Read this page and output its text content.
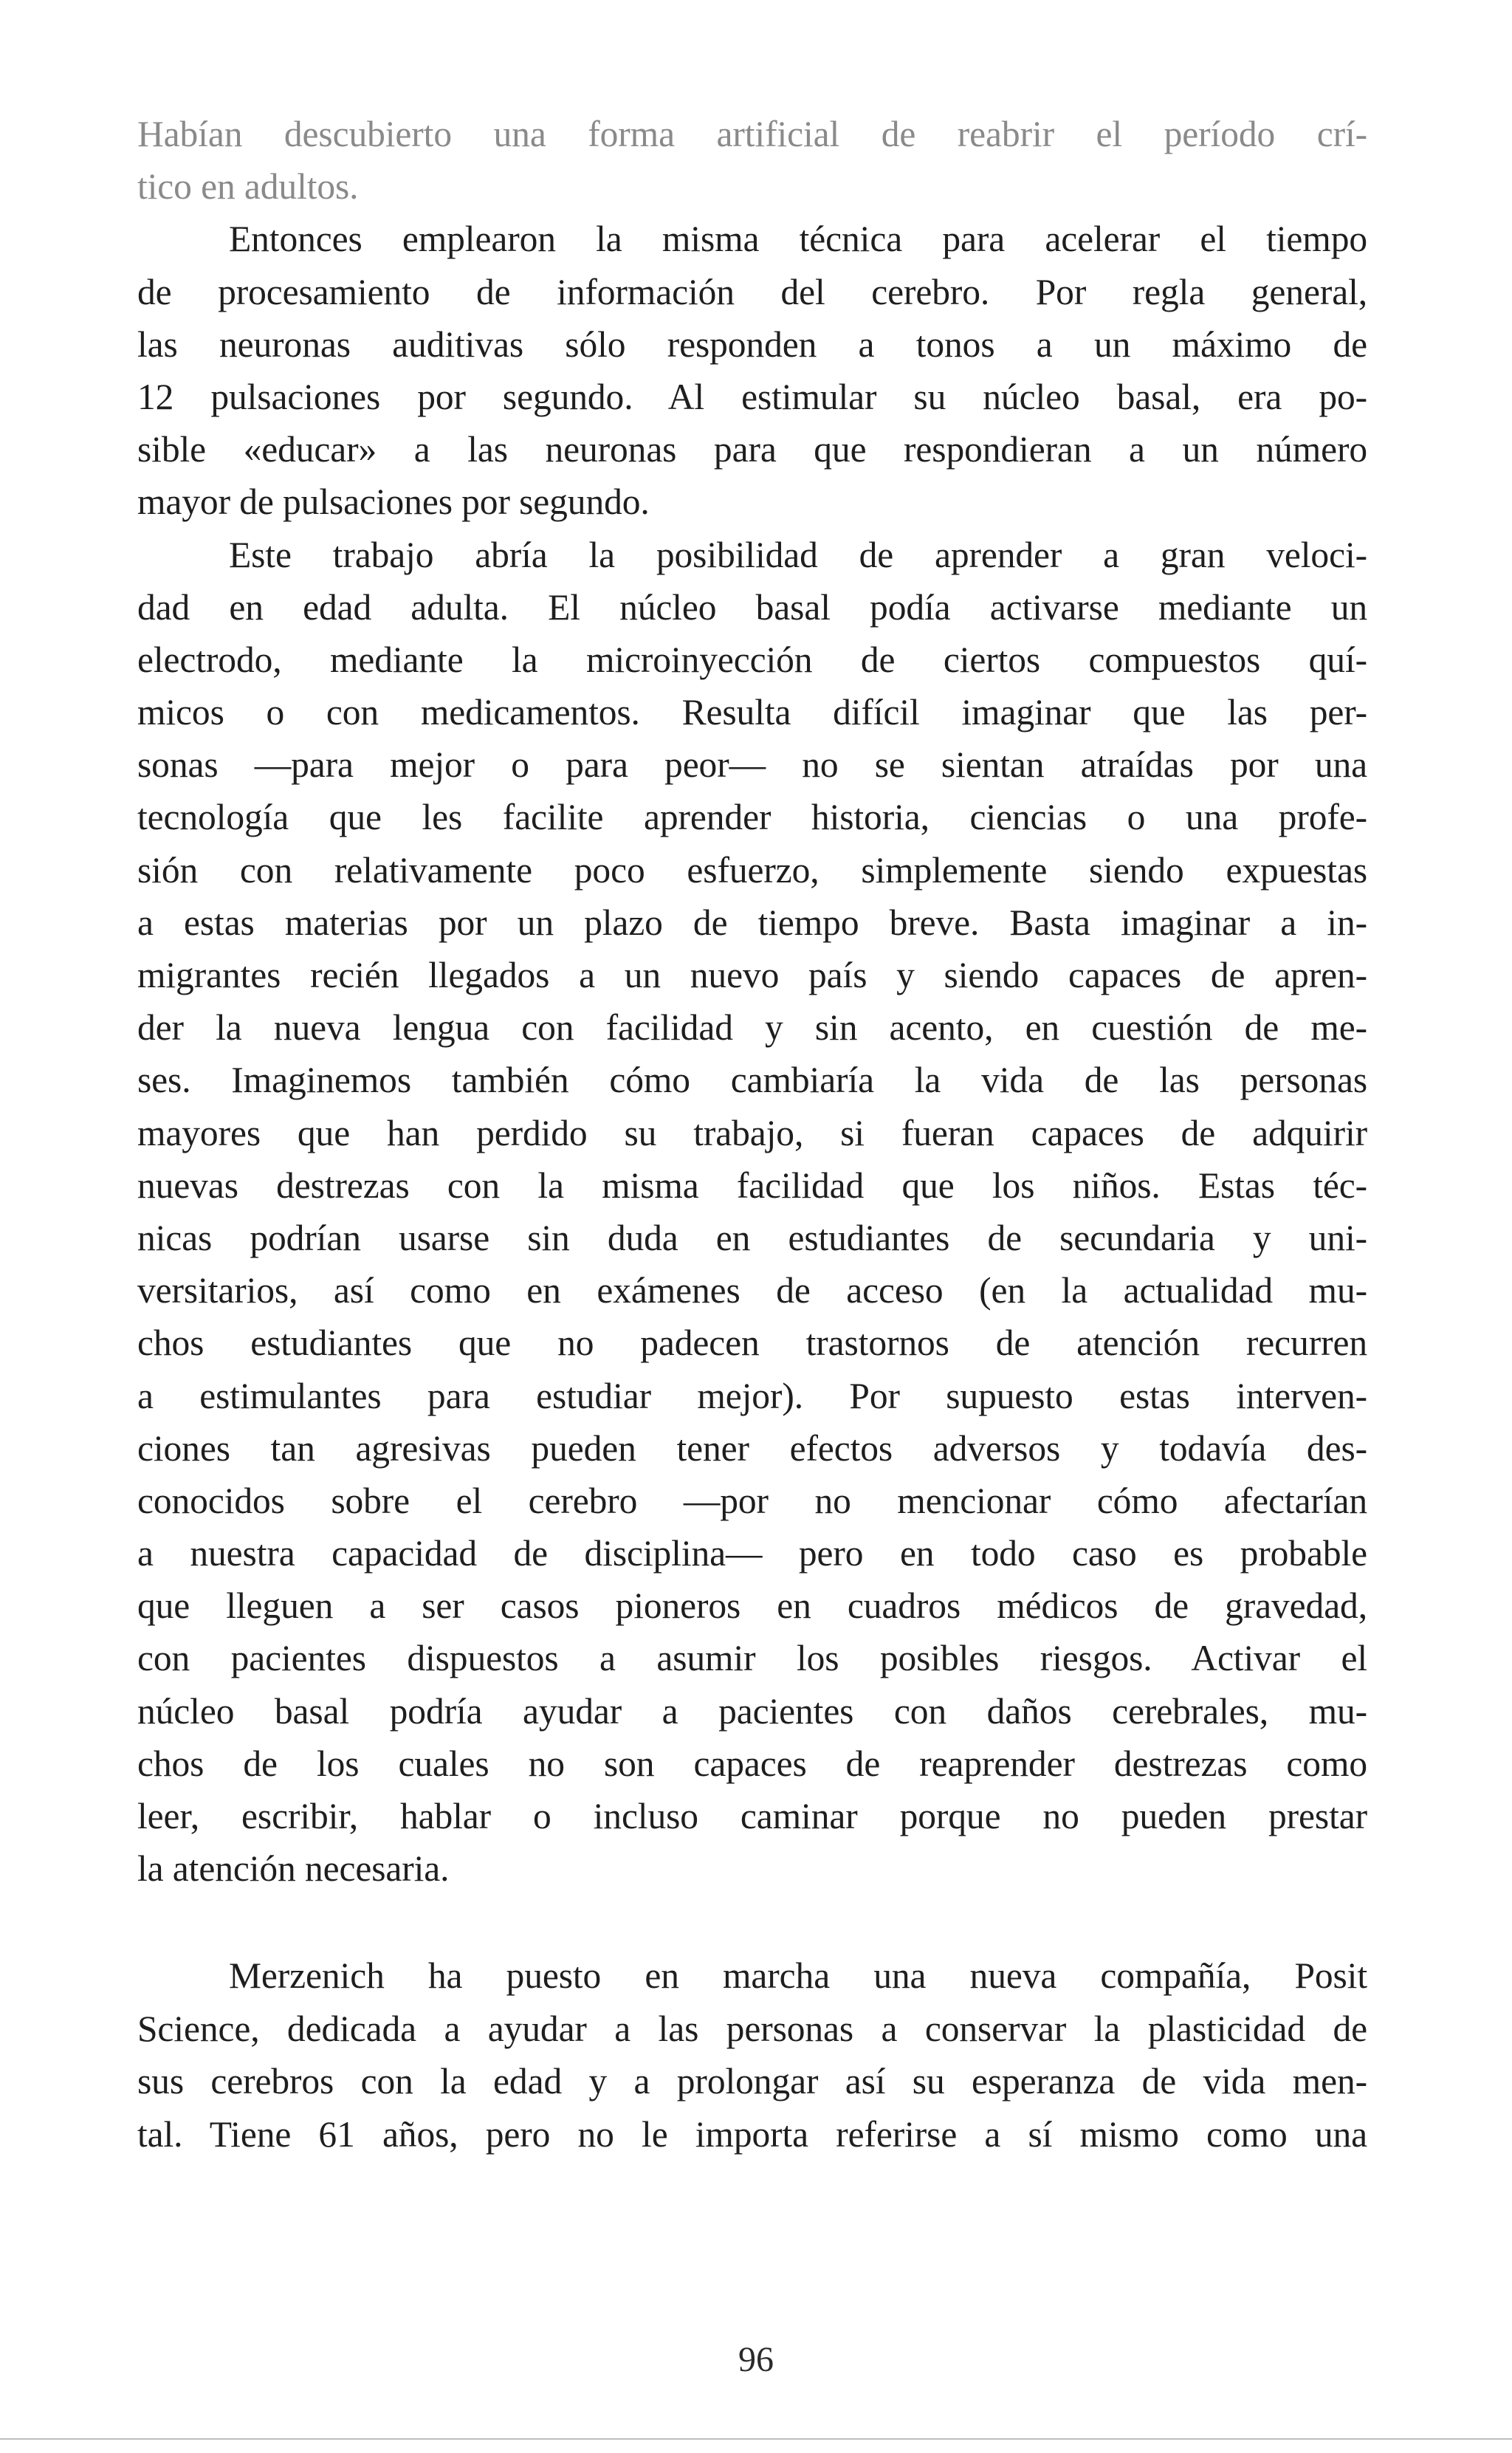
Habían descubierto una forma artificial de reabrir el período crí-
tico en adultos.
Entonces emplearon la misma técnica para acelerar el tiempo
de procesamiento de información del cerebro. Por regla general,
las neuronas auditivas sólo responden a tonos a un máximo de
12 pulsaciones por segundo. Al estimular su núcleo basal, era po-
sible «educar» a las neuronas para que respondieran a un número
mayor de pulsaciones por segundo.
Este trabajo abría la posibilidad de aprender a gran veloci-
dad en edad adulta. El núcleo basal podía activarse mediante un
electrodo, mediante la microinyección de ciertos compuestos quí-
micos o con medicamentos. Resulta difícil imaginar que las per-
sonas —para mejor o para peor— no se sientan atraídas por una
tecnología que les facilite aprender historia, ciencias o una profe-
sión con relativamente poco esfuerzo, simplemente siendo expuestas
a estas materias por un plazo de tiempo breve. Basta imaginar a in-
migrantes recién llegados a un nuevo país y siendo capaces de apren-
der la nueva lengua con facilidad y sin acento, en cuestión de me-
ses. Imaginemos también cómo cambiaría la vida de las personas
mayores que han perdido su trabajo, si fueran capaces de adquirir
nuevas destrezas con la misma facilidad que los niños. Estas téc-
nicas podrían usarse sin duda en estudiantes de secundaria y uni-
versitarios, así como en exámenes de acceso (en la actualidad mu-
chos estudiantes que no padecen trastornos de atención recurren
a estimulantes para estudiar mejor). Por supuesto estas interven-
ciones tan agresivas pueden tener efectos adversos y todavía des-
conocidos sobre el cerebro —por no mencionar cómo afectarían
a nuestra capacidad de disciplina— pero en todo caso es probable
que lleguen a ser casos pioneros en cuadros médicos de gravedad,
con pacientes dispuestos a asumir los posibles riesgos. Activar el
núcleo basal podría ayudar a pacientes con daños cerebrales, mu-
chos de los cuales no son capaces de reaprender destrezas como
leer, escribir, hablar o incluso caminar porque no pueden prestar
la atención necesaria.
Merzenich ha puesto en marcha una nueva compañía, Posit
Science, dedicada a ayudar a las personas a conservar la plasticidad de
sus cerebros con la edad y a prolongar así su esperanza de vida men-
tal. Tiene 61 años, pero no le importa referirse a sí mismo como una
96
